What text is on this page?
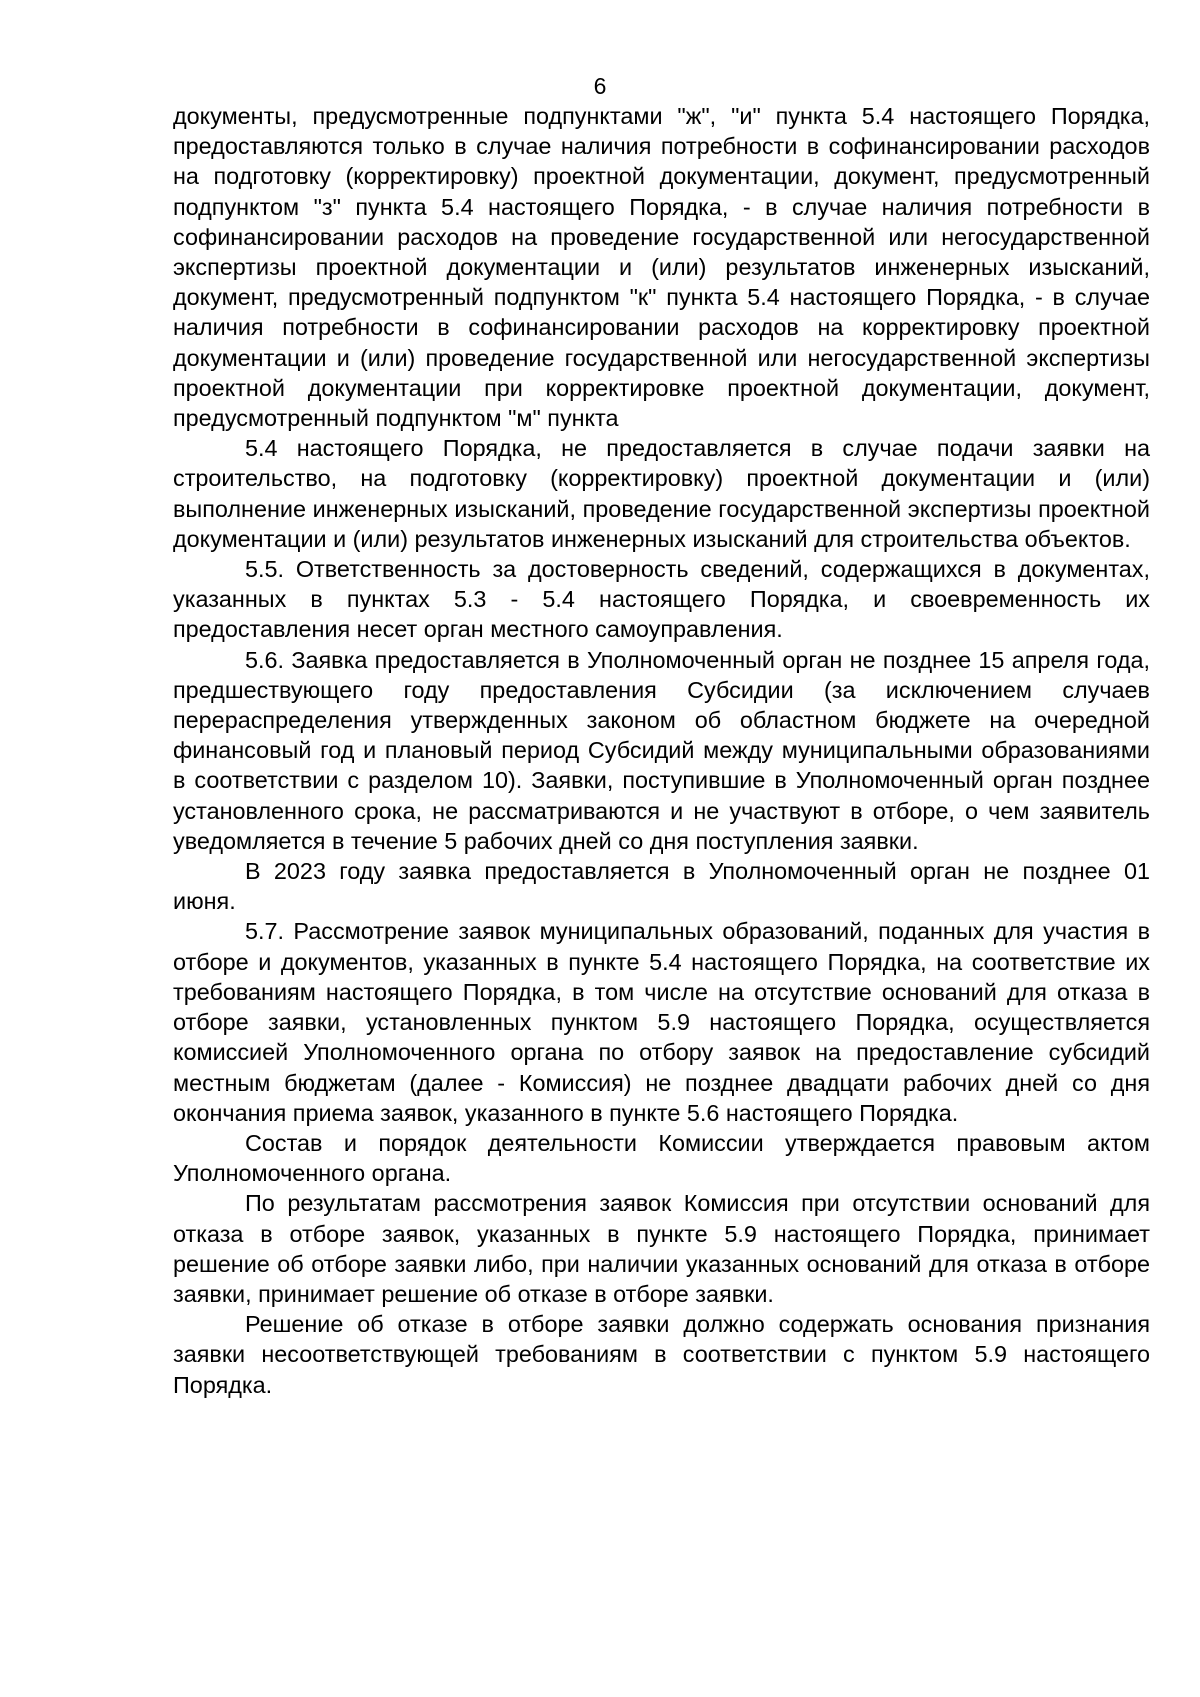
6

документы, предусмотренные подпунктами "ж", "и" пункта 5.4 настоящего Порядка, предоставляются только в случае наличия потребности в софинансировании расходов на подготовку (корректировку) проектной документации, документ, предусмотренный подпунктом "з" пункта 5.4 настоящего Порядка, - в случае наличия потребности в софинансировании расходов на проведение государственной или негосударственной экспертизы проектной документации и (или) результатов инженерных изысканий, документ, предусмотренный подпунктом "к" пункта 5.4 настоящего Порядка, - в случае наличия потребности в софинансировании расходов на корректировку проектной документации и (или) проведение государственной или негосударственной экспертизы проектной документации при корректировке проектной документации, документ, предусмотренный подпунктом "м" пункта

5.4 настоящего Порядка, не предоставляется в случае подачи заявки на строительство, на подготовку (корректировку) проектной документации и (или) выполнение инженерных изысканий, проведение государственной экспертизы проектной документации и (или) результатов инженерных изысканий для строительства объектов.

5.5. Ответственность за достоверность сведений, содержащихся в документах, указанных в пунктах 5.3 - 5.4 настоящего Порядка, и своевременность их предоставления несет орган местного самоуправления.

5.6. Заявка предоставляется в Уполномоченный орган не позднее 15 апреля года, предшествующего году предоставления Субсидии (за исключением случаев перераспределения утвержденных законом об областном бюджете на очередной финансовый год и плановый период Субсидий между муниципальными образованиями в соответствии с разделом 10). Заявки, поступившие в Уполномоченный орган позднее установленного срока, не рассматриваются и не участвуют в отборе, о чем заявитель уведомляется в течение 5 рабочих дней со дня поступления заявки.

В 2023 году заявка предоставляется в Уполномоченный орган не позднее 01 июня.

5.7. Рассмотрение заявок муниципальных образований, поданных для участия в отборе и документов, указанных в пункте 5.4 настоящего Порядка, на соответствие их требованиям настоящего Порядка, в том числе на отсутствие оснований для отказа в отборе заявки, установленных пунктом 5.9 настоящего Порядка, осуществляется комиссией Уполномоченного органа по отбору заявок на предоставление субсидий местным бюджетам (далее - Комиссия) не позднее двадцати рабочих дней со дня окончания приема заявок, указанного в пункте 5.6 настоящего Порядка.

Состав и порядок деятельности Комиссии утверждается правовым актом Уполномоченного органа.

По результатам рассмотрения заявок Комиссия при отсутствии оснований для отказа в отборе заявок, указанных в пункте 5.9 настоящего Порядка, принимает решение об отборе заявки либо, при наличии указанных оснований для отказа в отборе заявки, принимает решение об отказе в отборе заявки.

Решение об отказе в отборе заявки должно содержать основания признания заявки несоответствующей требованиям в соответствии с пунктом 5.9 настоящего Порядка.
